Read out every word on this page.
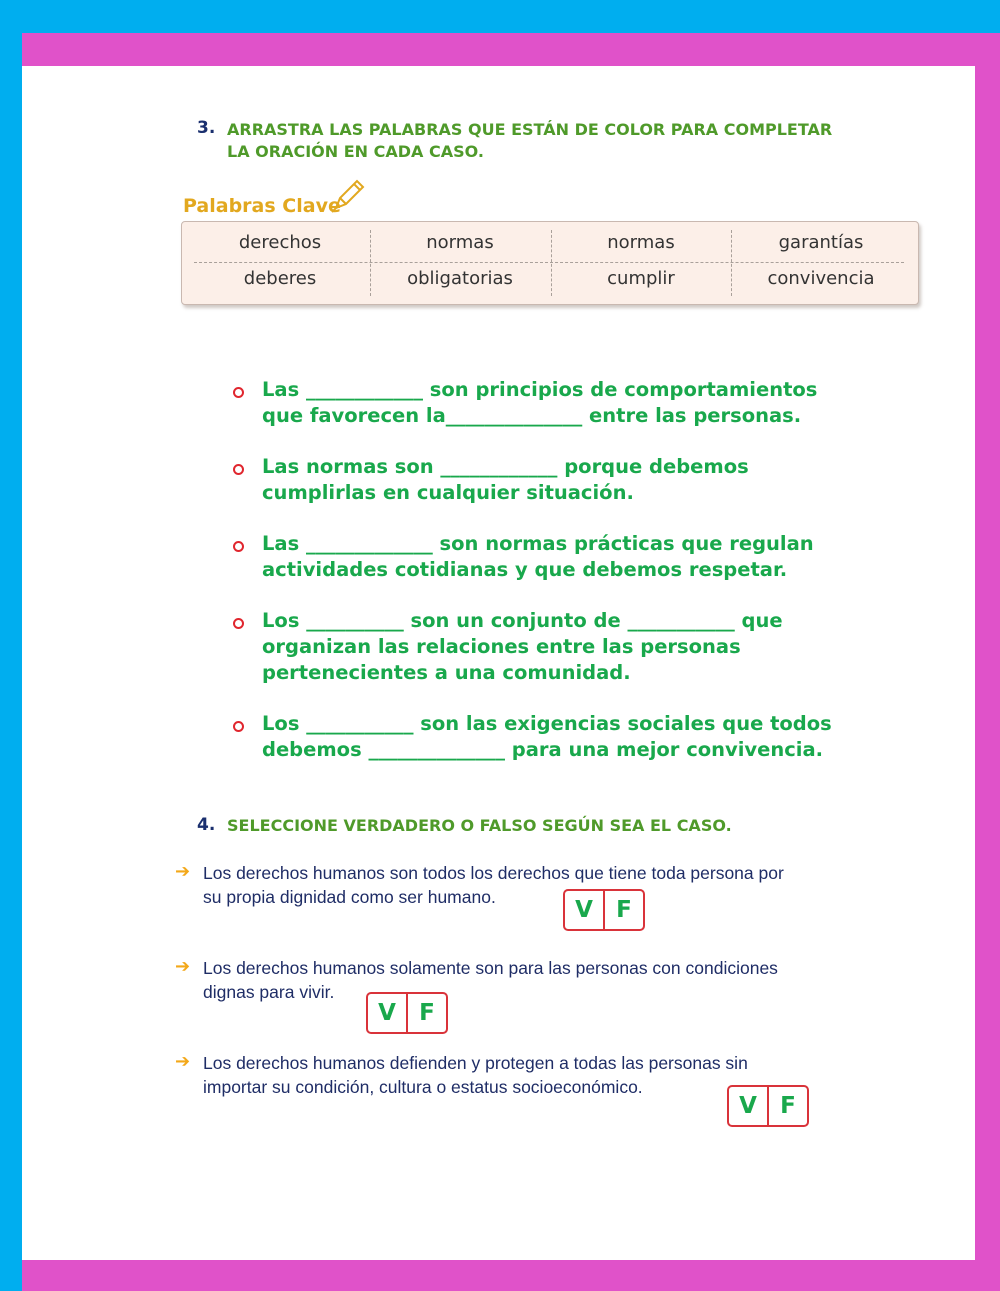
3. ARRASTRA LAS PALABRAS QUE ESTÁN DE COLOR PARA COMPLETAR
LA ORACIÓN EN CADA CASO.
Palabras Clave
derechos	normas	normas	garantías
deberes	obligatorias	cumplir	convivencia
Las ____________ son principios de comportamientos
que favorecen la______________ entre las personas.
Las normas son ____________ porque debemos
cumplirlas en cualquier situación.
Las _____________ son normas prácticas que regulan
actividades cotidianas y que debemos respetar.
Los __________ son un conjunto de ___________ que
organizan las relaciones entre las personas
pertenecientes a una comunidad.
Los ___________ son las exigencias sociales que todos
debemos ______________ para una mejor convivencia.
4. SELECCIONE VERDADERO O FALSO SEGÚN SEA EL CASO.
➔ Los derechos humanos son todos los derechos que tiene toda persona por
su propia dignidad como ser humano.	V	F
➔ Los derechos humanos solamente son para las personas con condiciones
dignas para vivir.
V	F
➔ Los derechos humanos defienden y protegen a todas las personas sin
importar su condición, cultura o estatus socioeconómico.
V	F
